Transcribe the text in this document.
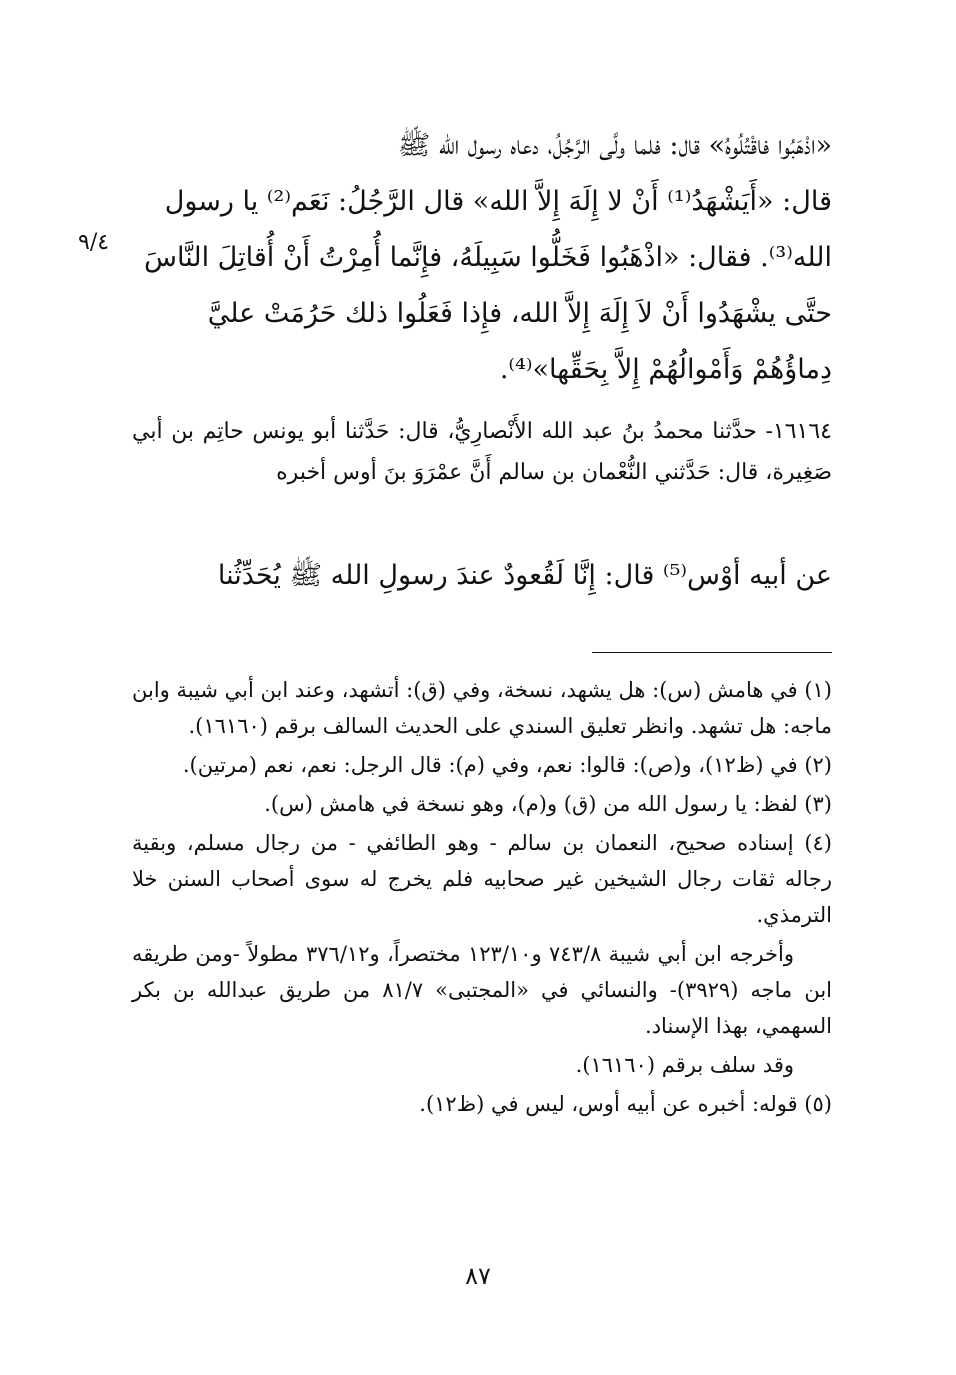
٩/٤

«اذْهَبُوا فاقْتُلُوهُ» قال: فلما ولَّى الرَّجُلُ، دعاه رسول الله ﷺ

قال: «أَيَشْهَدُ⁽¹⁾ أَنْ لا إِلَهَ إِلاَّ الله» قال الرَّجُلُ: نَعَم⁽²⁾ يا رسول

الله⁽³⁾. فقال: «اذْهَبُوا فَخَلُّوا سَبِيلَهُ، فإِنَّما أُمِرْتُ أَنْ أُقاتِلَ النَّاسَ

حتَّى يشْهَدُوا أَنْ لاَ إِلَهَ إِلاَّ الله، فإِذا فَعَلُوا ذلك حَرُمَتْ عليَّ

دِماؤُهُمْ وَأَمْوالُهُمْ إِلاَّ بِحَقِّها»⁽⁴⁾.

١٦١٦٤- حدَّثنا محمدُ بنُ عبد الله الأَنْصارِيُّ، قال: حَدَّثنا أبو يونس حاتِم بن أبي صَغِيرة، قال: حَدَّثني النُّعْمان بن سالم أَنَّ عمْرَوَ بنَ أوس أخبره

عن أبيه أوْس⁽⁵⁾ قال: إِنَّا لَقُعودٌ عندَ رسولِ الله ﷺ يُحَدِّثُنا

(١) في هامش (س): هل يشهد، نسخة، وفي (ق): أتشهد، وعند ابن أبي شيبة وابن ماجه: هل تشهد. وانظر تعليق السندي على الحديث السالف برقم (١٦١٦٠).

(٢) في (ظ١٢)، و(ص): قالوا: نعم، وفي (م): قال الرجل: نعم، نعم (مرتين).

(٣) لفظ: يا رسول الله من (ق) و(م)، وهو نسخة في هامش (س).

(٤) إسناده صحيح، النعمان بن سالم - وهو الطائفي - من رجال مسلم، وبقية رجاله ثقات رجال الشيخين غير صحابيه فلم يخرج له سوى أصحاب السنن خلا الترمذي.

وأخرجه ابن أبي شيبة ٧٤٣/٨ و١٢٣/١٠ مختصراً، و٣٧٦/١٢ مطولاً -ومن طريقه ابن ماجه (٣٩٢٩)- والنسائي في «المجتبى» ٨١/٧ من طريق عبدالله بن بكر السهمي، بهذا الإسناد.

وقد سلف برقم (١٦١٦٠).

(٥) قوله: أخبره عن أبيه أوس، ليس في (ظ١٢).

٨٧
